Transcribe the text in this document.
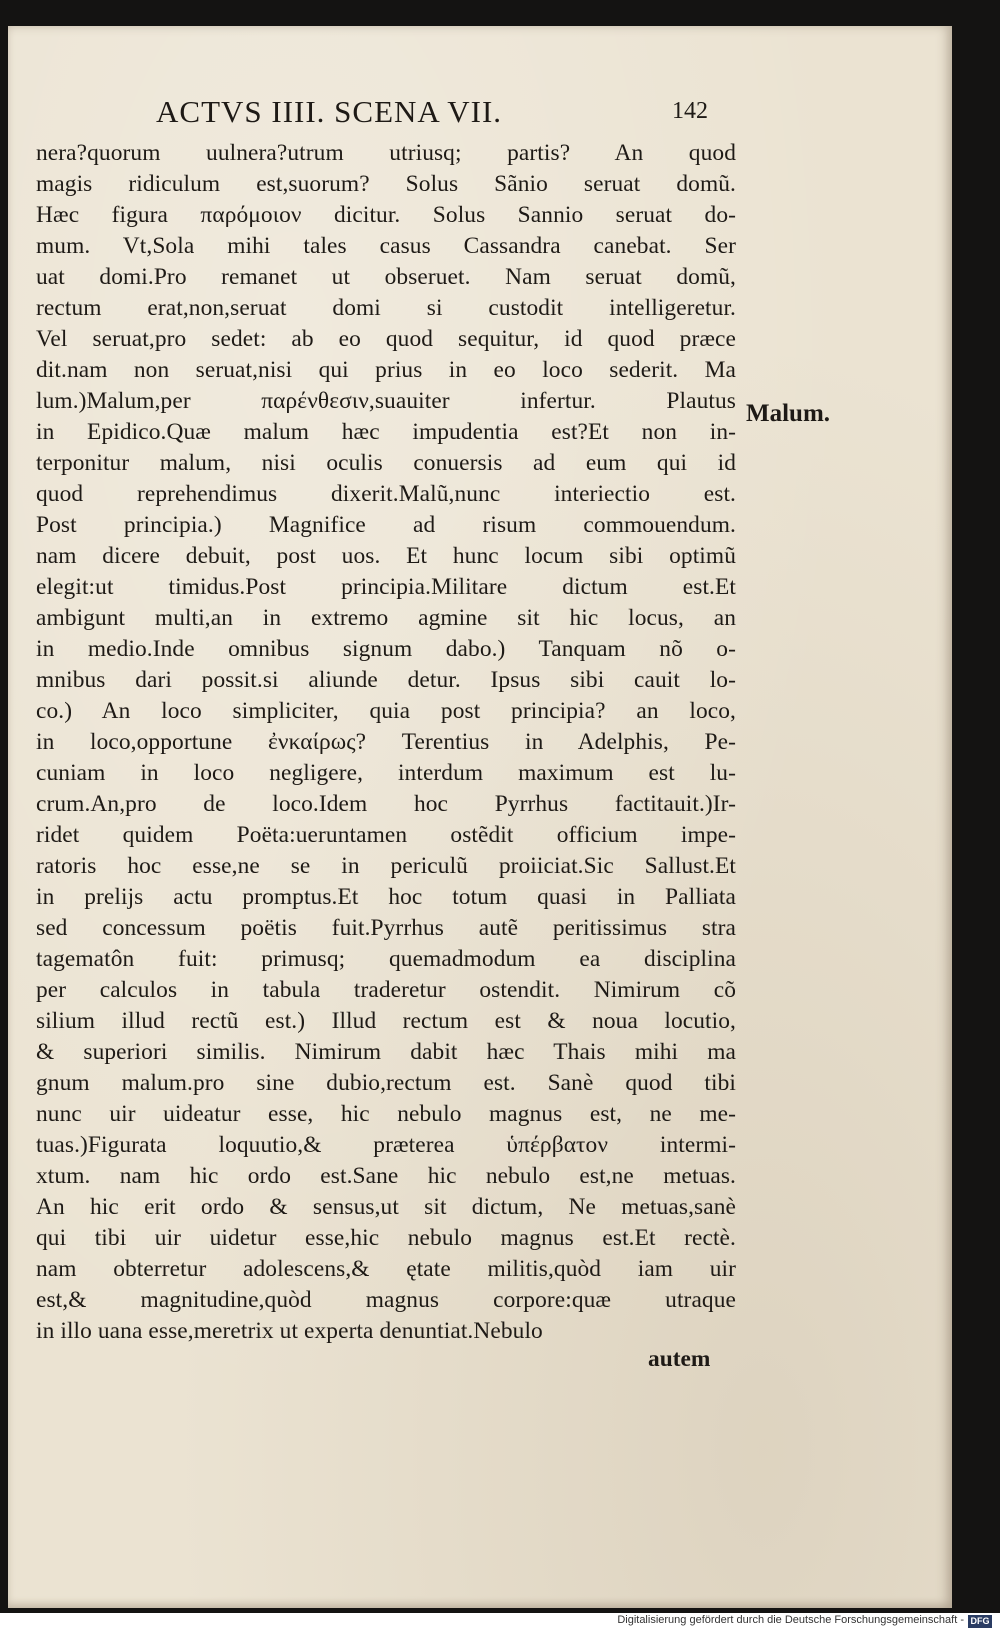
ACTVS IIII. SCENA VII.	142
nera?quorum uulnera?utrum utriusq; partis? An quod
magis ridiculum est,suorum? Solus Sãnio seruat domũ.
Hæc figura παρόμοιον dicitur. Solus Sannio seruat do-
mum. Vt,Sola mihi tales casus Cassandra canebat. Ser
uat domi.Pro remanet ut obseruet. Nam seruat domũ,
rectum erat,non,seruat domi si custodit intelligeretur.
Vel seruat,pro sedet: ab eo quod sequitur, id quod præce
dit.nam non seruat,nisi qui prius in eo loco sederit. Ma
lum.)Malum,per παρένθεσιν,suauiter infertur. Plautus
in Epidico.Quæ malum hæc impudentia est?Et non in-
terponitur malum, nisi oculis conuersis ad eum qui id
quod reprehendimus dixerit.Malũ,nunc interiectio est.
Post principia.) Magnifice ad risum commouendum.
nam dicere debuit, post uos. Et hunc locum sibi optimũ
elegit:ut timidus.Post principia.Militare dictum est.Et
ambigunt multi,an in extremo agmine sit hic locus, an
in medio.Inde omnibus signum dabo.) Tanquam nõ o-
mnibus dari possit.si aliunde detur. Ipsus sibi cauit lo-
co.) An loco simpliciter, quia post principia? an loco,
in loco,opportune ἐνκαίρως? Terentius in Adelphis, Pe-
cuniam in loco negligere, interdum maximum est lu-
crum.An,pro de loco.Idem hoc Pyrrhus factitauit.)Ir-
ridet quidem Poëta:ueruntamen ostẽdit officium impe-
ratoris hoc esse,ne se in periculũ proiiciat.Sic Sallust.Et
in prelijs actu promptus.Et hoc totum quasi in Palliata
sed concessum poëtis fuit.Pyrrhus autẽ peritissimus stra
tagematôn fuit: primusq; quemadmodum ea disciplina
per calculos in tabula traderetur ostendit. Nimirum cõ
silium illud rectũ est.) Illud rectum est & noua locutio,
& superiori similis. Nimirum dabit hæc Thais mihi ma
gnum malum.pro sine dubio,rectum est. Sanè quod tibi
nunc uir uideatur esse, hic nebulo magnus est, ne me-
tuas.)Figurata loquutio,& præterea ὑπέρβατον intermi-
xtum. nam hic ordo est.Sane hic nebulo est,ne metuas.
An hic erit ordo & sensus,ut sit dictum, Ne metuas,sanè
qui tibi uir uidetur esse,hic nebulo magnus est.Et rectè.
nam obterretur adolescens,& ętate militis,quòd iam uir
est,& magnitudine,quòd magnus corpore:quæ utraque
in illo uana esse,meretrix ut experta denuntiat.Nebulo
Malum.
autem
Digitalisierung gefördert durch die Deutsche Forschungsgemeinschaft - DFG
